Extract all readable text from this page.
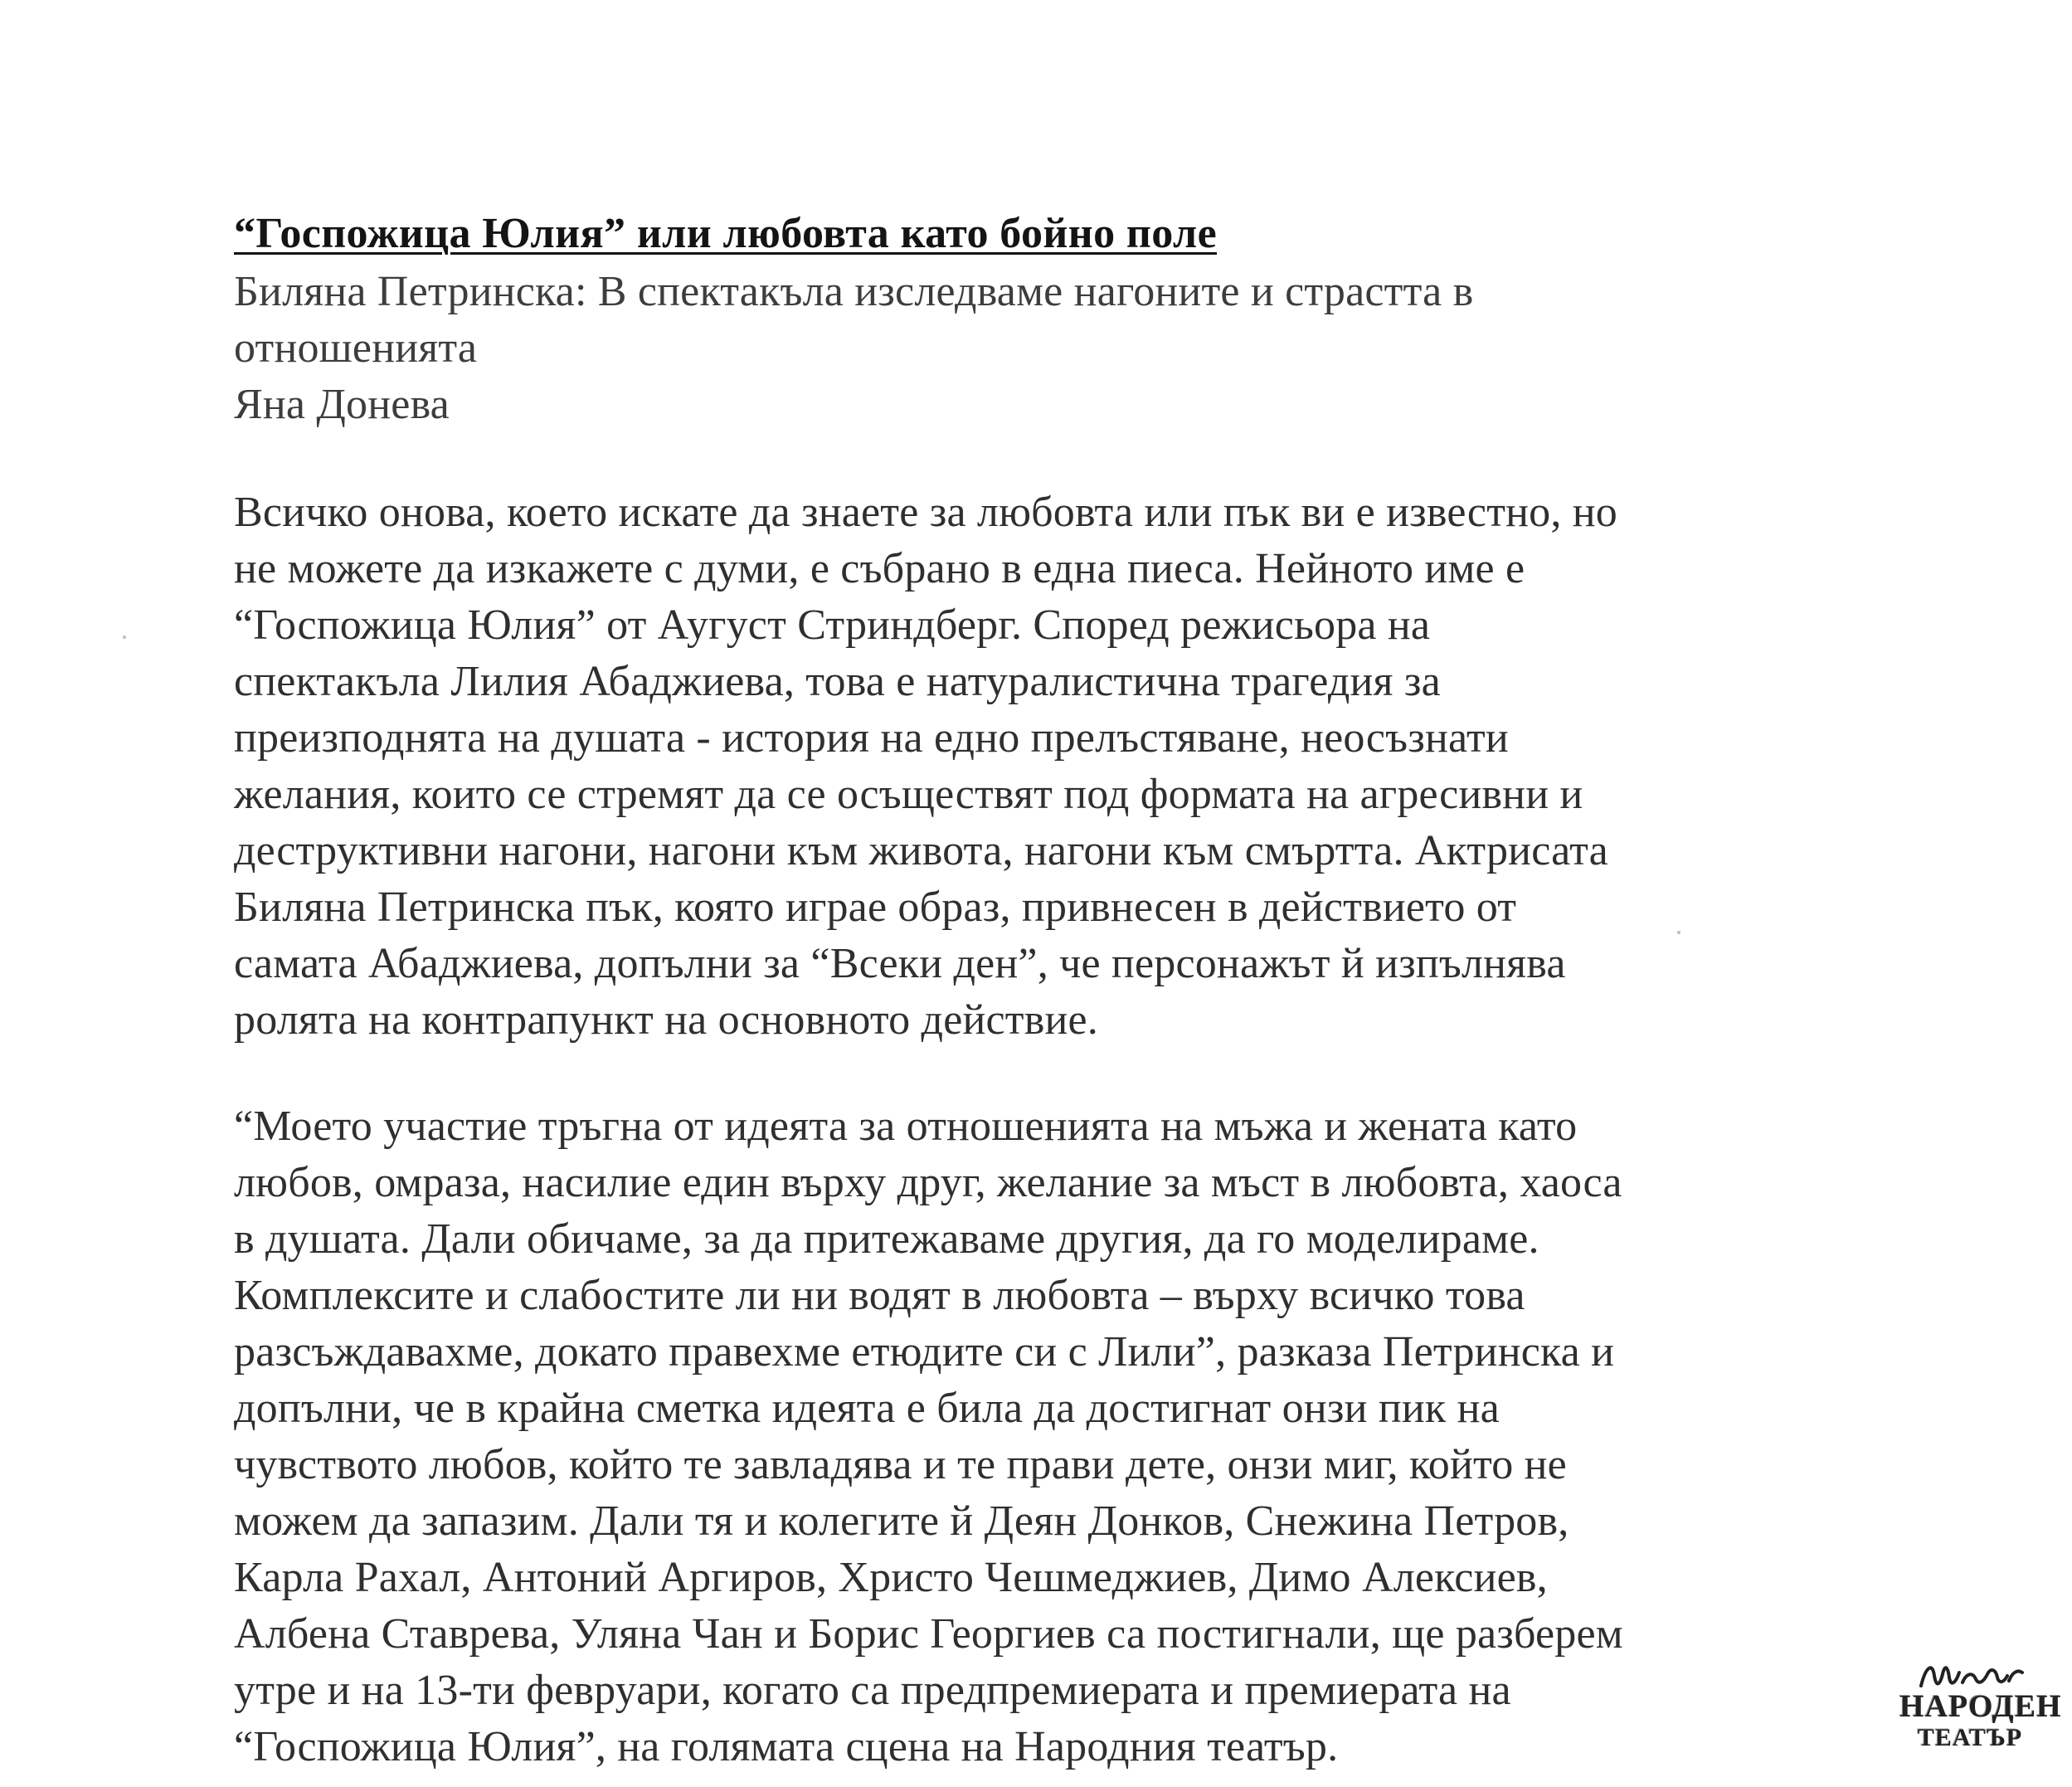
“Госпожица Юлия” или любовта като бойно поле
Биляна Петринска: В спектакъла изследваме нагоните и страстта в
отношенията
Яна Донева
Всичко онова, което искате да знаете за любовта или пък ви е известно, но
не можете да изкажете с думи, е събрано в една пиеса. Нейното име е
“Госпожица Юлия” от Аугуст Стриндберг. Според режисьора на
спектакъла Лилия Абаджиева, това е натуралистична трагедия за
преизподнята на душата - история на едно прелъстяване, неосъзнати
желания, които се стремят да се осъществят под формата на агресивни и
деструктивни нагони, нагони към живота, нагони към смъртта. Актрисата
Биляна Петринска пък, която играе образ, привнесен в действието от
самата Абаджиева, допълни за “Всеки ден”, че персонажът й изпълнява
ролята на контрапункт на основното действие.
“Моето участие тръгна от идеята за отношенията на мъжа и жената като
любов, омраза, насилие един върху друг, желание за мъст в любовта, хаоса
в душата. Дали обичаме, за да притежаваме другия, да го моделираме.
Комплексите и слабостите ли ни водят в любовта – върху всичко това
разсъждавахме, докато правехме етюдите си с Лили”, разказа Петринска и
допълни, че в крайна сметка идеята е била да достигнат онзи пик на
чувството любов, който те завладява и те прави дете, онзи миг, който не
можем да запазим. Дали тя и колегите й Деян Донков, Снежина Петров,
Карла Рахал, Антоний Аргиров, Христо Чешмеджиев, Димо Алексиев,
Албена Ставрева, Уляна Чан и Борис Георгиев са постигнали, ще разберем
утре и на 13-ти февруари, когато са предпремиерата и премиерата на
“Госпожица Юлия”, на голямата сцена на Народния театър.
НАРОДЕН
ТЕАТЪР
